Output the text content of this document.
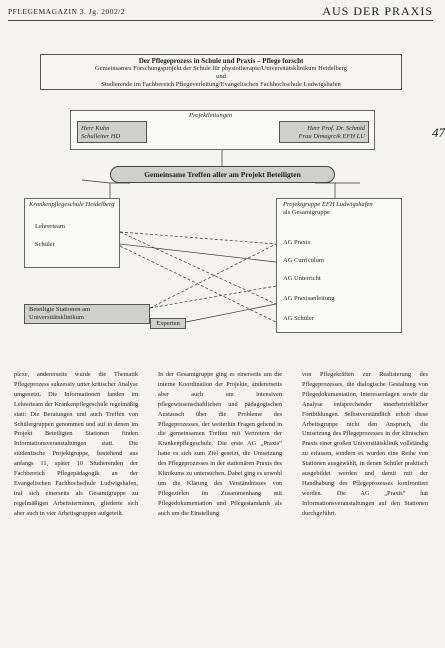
PFLEGEMAGAZIN 3. Jg. 2002/2	AUS DER PRAXIS
47
Der Pflegeprozess in Schule und Praxis – Pflege forscht
Gemeinsames Forschungsprojekt der Schule für physiotherapie/Universitätsklinikum Heidelberg
und
Studierende im Fachbereich Pflegeverleitung/Evangelischen Fachhochschule Ludwigshafen
Projektleitungen
Herr Kuhn
Schulleiter HD
Herr Prof. Dr. Schmid
Frau Dimagrcik EFH LU
Gemeinsame Treffen aller am Projekt Beteiligten
Krankenpflegeschule Heidelberg
Lehrerteam
Schüler
Beteiligte Stationen am
Universitätsklinikum
Experten
Projektgruppe EFH Ludwigshafen
als Gesamtgruppe
AG Praxis
AG Curriculum
AG Unterricht
AG Praxisanleitung
AG Schüler

plexe, andererseits wurde die Thematik Pflegeprozess sukzessiv unter kritischer Analyse umgesetzt. Die Informationen fanden im Lehrerteam der Krankenpflegeschule regelmäßig statt: Die Beratungen und auch Treffen von Schülergruppen genommen und auf in denen im Projekt Beteiligten Stationen finden Informationsveranstaltungen statt. Die studentische Projektgruppe, bestehend aus anfangs 11, später 10 Studierenden der Fachbereich Pflegepädagogik an der Evangelischen Fachhochschule Ludwigshafen, traf sich einerseits als Gesamtgruppe zu regelmäßigen Arbeitsterminen, gliederte sich aber auch in vier Arbeitsgruppen aufgeteilt.

In der Gesamtgruppe ging es einerseits um die interne Koordination der Projekte, andererseits aber auch um intensiven pflegewissenschaftlichen und pädagogischen Austausch über die Probleme des Pflegeprozesses, der weiterhin Fragen gehend in die gemeinsamen Treffen mit Vertretern der Krankenpflegeschule. Die erste AG „Praxis“ hatte es sich zum Ziel gesetzt, die Umsetzung des Pflegeprozesses in der stationären Praxis des Klinikums zu untersuchen. Dabei ging es sowohl um die Klärung des Verständnisses von Pflegezielen im Zusammenhang mit Pflegedokumentation und Pflegestandards als auch um die Einstellung

von Pflegekräften zur Realisierung des Pflegeprozesses, die dialogische Gestaltung von Pflegedokumentation, Interessenlagen sowie die Analyse entsprechender innerbetrieblicher Fortbildungen. Selbstverständlich erhob diese Arbeitsgruppe nicht den Anspruch, die Umsetzung des Pflegeprozesses in der klinischen Praxis einer großen Universitätsklinik vollständig zu erfassen, sondern es wurden eine Reihe von Stationen ausgewählt, in denen Schüler praktisch ausgebildet werden und damit mit der Handhabung des Pflegeprozesses konfrontiert werden. Die AG „Praxis“ hat Informationsveranstaltungen auf den Stationen durchgeführt.
